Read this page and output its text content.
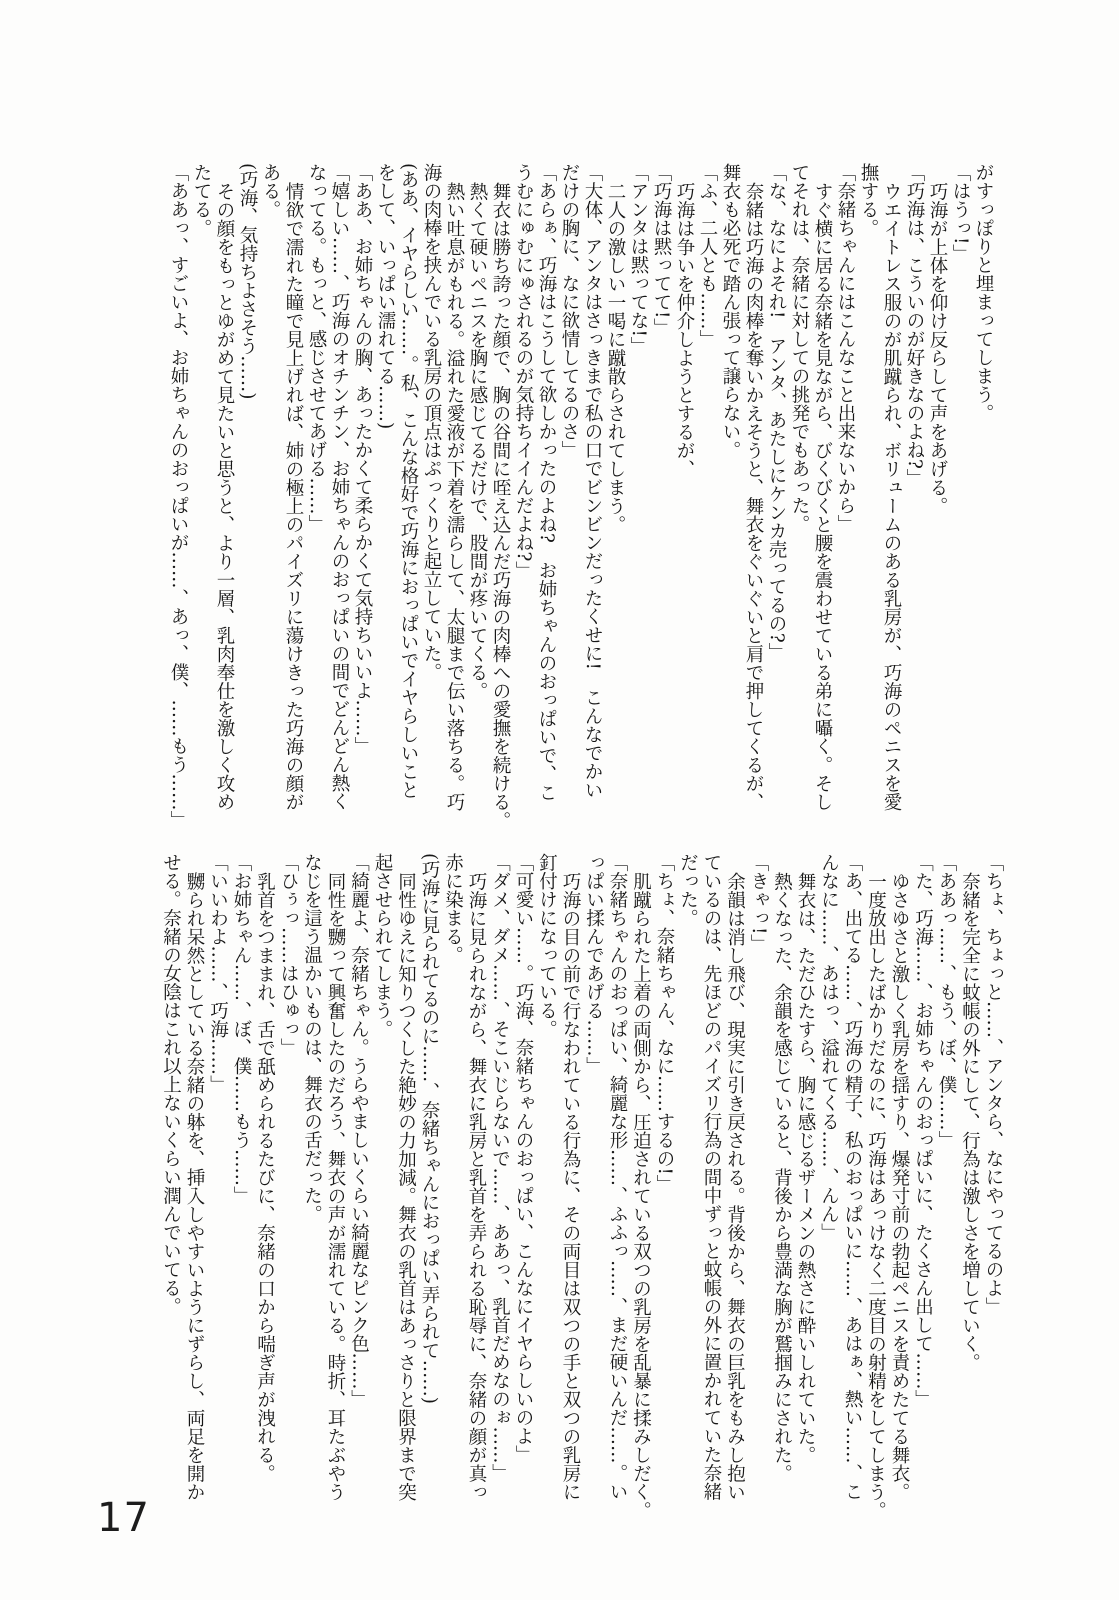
がすっぽりと埋まってしまう。
「はうっ!」
巧海が上体を仰け反らして声をあげる。
「巧海は、こういのが好きなのよね?」
ウエイトレス服のが肌蹴られ、ボリュームのある乳房が、巧海のペニスを愛
撫する。
「奈緒ちゃんにはこんなこと出来ないから」
すぐ横に居る奈緒を見ながら、びくびくと腰を震わせている弟に囁く。そし
てそれは、奈緒に対しての挑発でもあった。
「な、なによそれ!　アンタ、あたしにケンカ売ってるの?」
奈緒は巧海の肉棒を奪いかえそうと、舞衣をぐいぐいと肩で押してくるが、
舞衣も必死で踏ん張って譲らない。
「ふ、二人とも……」
巧海は争いを仲介しようとするが、
「巧海は黙ってて!」
「アンタは黙ってな!」
二人の激しい一喝に蹴散らされてしまう。
「大体、アンタはさっきまで私の口でビンビンだったくせに!　こんなでかい
だけの胸に、なに欲情してるのさ」
「あらぁ、巧海はこうして欲しかったのよね?　お姉ちゃんのおっぱいで、こ
うむにゅむにゅされるのが気持ちイイんだよね?」
舞衣は勝ち誇った顔で、胸の谷間に咥え込んだ巧海の肉棒への愛撫を続ける。
熱くて硬いペニスを胸に感じてるだけで、股間が疼いてくる。
熱い吐息がもれる。溢れた愛液が下着を濡らして、太腿まで伝い落ちる。巧
海の肉棒を挟んでいる乳房の頂点はぷっくりと起立していた。
(ああ、イヤらしい……。私、こんな格好で巧海におっぱいでイヤらしいこと
をして、いっぱい濡れてる……)
「ああ、お姉ちゃんの胸、あったかくて柔らかくて気持ちいいよ……」
「嬉しい……、巧海のオチンチン、お姉ちゃんのおっぱいの間でどんどん熱く
なってる。もっと、感じさせてあげる……」
情欲で濡れた瞳で見上げれば、姉の極上のパイズリに蕩けきった巧海の顔が
ある。
(巧海、気持ちよさそう……)
その顔をもっとゆがめて見たいと思うと、より一層、乳肉奉仕を激しく攻め
たてる。
「ああっ、すごいよ、お姉ちゃんのおっぱいが……、あっ、僕、……もう……」
「ちょ、ちょっと……、アンタら、なにやってるのよ」
奈緒を完全に蚊帳の外にして、行為は激しさを増していく。
「ああっ……、もう、ぼ、僕……」
「た、巧海……、お姉ちゃんのおっぱいに、たくさん出して……」
ゆさゆさと激しく乳房を揺すり、爆発寸前の勃起ペニスを責めたてる舞衣。
一度放出したばかりだなのに、巧海はあっけなく二度目の射精をしてしまう。
「あ、出てる……、巧海の精子、私のおっぱいに……、あはぁ、熱い……、こ
んなに……、あはっ、溢れてくる……、んん」
舞衣は、ただひたすら、胸に感じるザーメンの熱さに酔いしれていた。
熱くなった、余韻を感じていると、背後から豊満な胸が鷲掴みにされた。
「きゃっ!」
余韻は消し飛び、現実に引き戻される。背後から、舞衣の巨乳をもみし抱い
ているのは、先ほどのパイズリ行為の間中ずっと蚊帳の外に置かれていた奈緒
だった。
「ちょ、奈緒ちゃん、なに……するの!」
肌蹴られた上着の両側から、圧迫されている双つの乳房を乱暴に揉みしだく。
「奈緒ちゃんのおっぱい、綺麗な形……、ふふっ……、まだ硬いんだ……。い
っぱい揉んであげる……」
巧海の目の前で行なわれている行為に、その両目は双つの手と双つの乳房に
釘付けになっている。
「可愛い……。巧海、奈緒ちゃんのおっぱい、こんなにイヤらしいのよ」
「ダメ、ダメ……、そこいじらないで……、ああっ、乳首だめなのぉ……」
巧海に見られながら、舞衣に乳房と乳首を弄られる恥辱に、奈緒の顔が真っ
赤に染まる。
(巧海に見られてるのに……、奈緒ちゃんにおっぱい弄られて……)
同性ゆえに知りつくした絶妙の力加減。舞衣の乳首はあっさりと限界まで突
起させられてしまう。
「綺麗よ、奈緒ちゃん。うらやましいくらい綺麗なピンク色……」
同性を嬲って興奮したのだろう、舞衣の声が濡れている。時折、耳たぶやう
なじを這う温かいものは、舞衣の舌だった。
「ひぅっ……はひゅっ」
乳首をつままれ、舌で舐められるたびに、奈緒の口から喘ぎ声が洩れる。
「お姉ちゃん……、ぼ、僕……もう……」
「いいわよ……、巧海……」
嬲られ呆然としている奈緒の躰を、挿入しやすいようにずらし、両足を開か
せる。奈緒の女陰はこれ以上ないくらい潤んでいてる。
17
